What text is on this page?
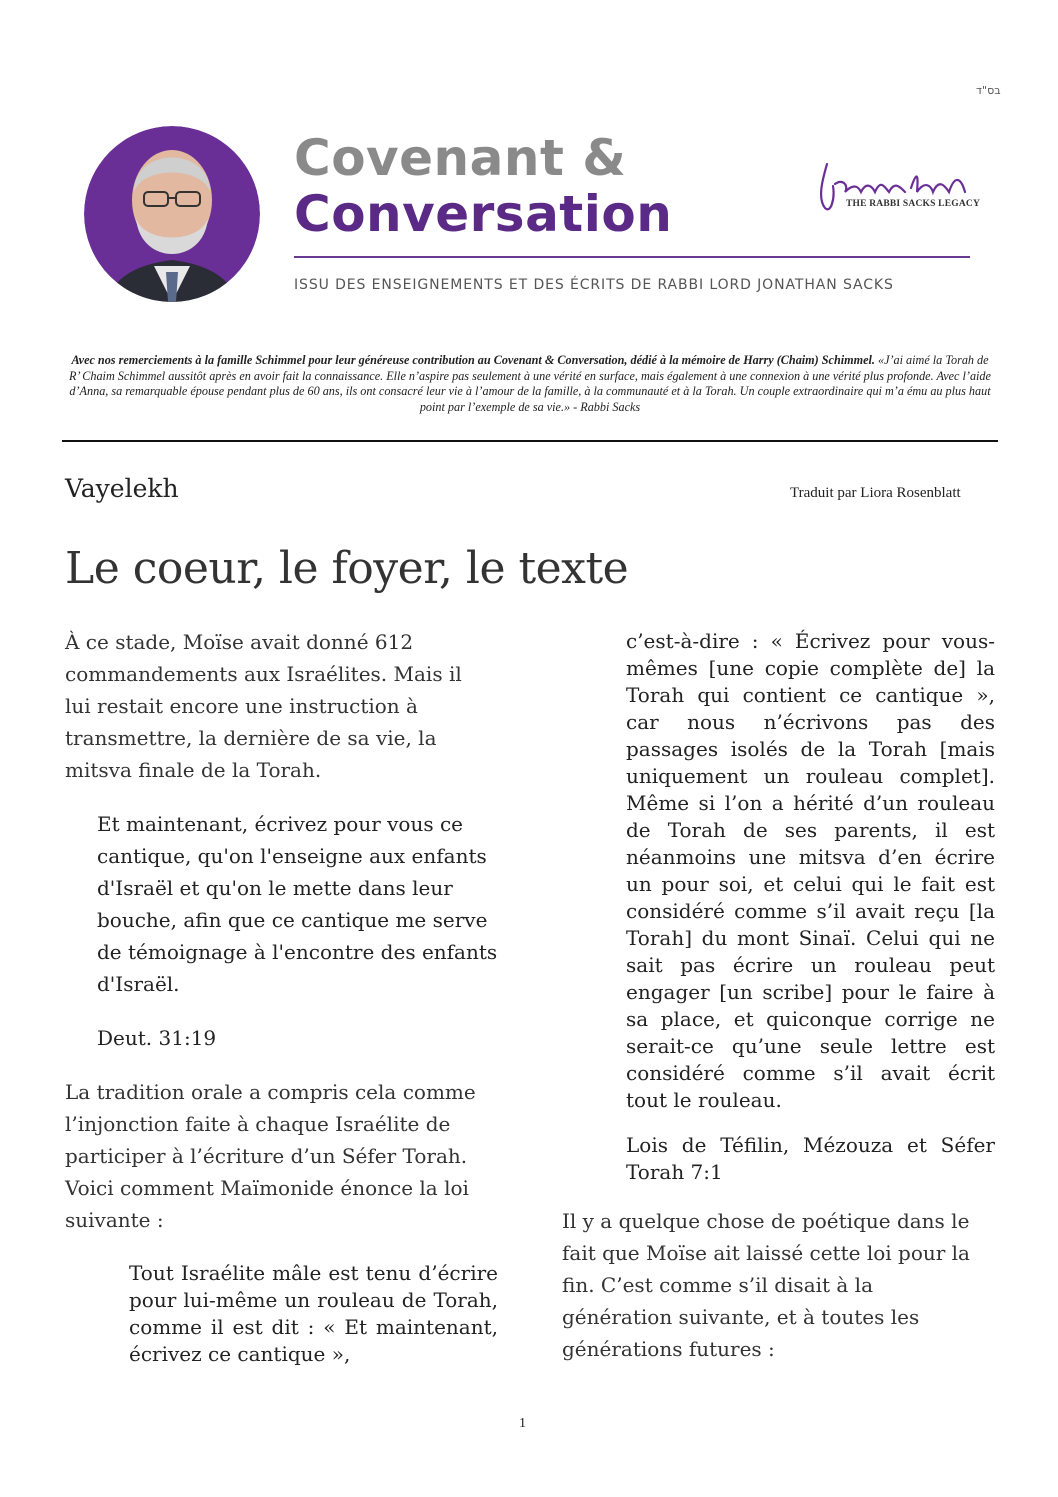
בס"ד
Covenant &
Conversation
ISSU DES ENSEIGNEMENTS ET DES ÉCRITS DE RABBI LORD JONATHAN SACKS
THE RABBI SACKS LEGACY
Avec nos remerciements à la famille Schimmel pour leur généreuse contribution au Covenant & Conversation, dédié à la mémoire de Harry (Chaim) Schimmel. «J’ai aimé la Torah de R’ Chaim Schimmel aussitôt après en avoir fait la connaissance. Elle n’aspire pas seulement à une vérité en surface, mais également à une connexion à une vérité plus profonde. Avec l’aide d’Anna, sa remarquable épouse pendant plus de 60 ans, ils ont consacré leur vie à l’amour de la famille, à la communauté et à la Torah. Un couple extraordinaire qui m’a ému au plus haut point par l’exemple de sa vie.» - Rabbi Sacks
Vayelekh	Traduit par Liora Rosenblatt
Le coeur, le foyer, le texte
À ce stade, Moïse avait donné 612 commandements aux Israélites. Mais il lui restait encore une instruction à transmettre, la dernière de sa vie, la mitsva finale de la Torah.
Et maintenant, écrivez pour vous ce cantique, qu'on l'enseigne aux enfants d'Israël et qu'on le mette dans leur bouche, afin que ce cantique me serve de témoignage à l'encontre des enfants d'Israël.
Deut. 31:19
La tradition orale a compris cela comme l’injonction faite à chaque Israélite de participer à l’écriture d’un Séfer Torah. Voici comment Maïmonide énonce la loi suivante :
Tout Israélite mâle est tenu d’écrire pour lui-même un rouleau de Torah, comme il est dit : « Et maintenant, écrivez ce cantique »,
c’est-à-dire : « Écrivez pour vous-mêmes [une copie complète de] la Torah qui contient ce cantique », car nous n’écrivons pas des passages isolés de la Torah [mais uniquement un rouleau complet]. Même si l’on a hérité d’un rouleau de Torah de ses parents, il est néanmoins une mitsva d’en écrire un pour soi, et celui qui le fait est considéré comme s’il avait reçu [la Torah] du mont Sinaï. Celui qui ne sait pas écrire un rouleau peut engager [un scribe] pour le faire à sa place, et quiconque corrige ne serait-ce qu’une seule lettre est considéré comme s’il avait écrit tout le rouleau.
Lois de Téfilin, Mézouza et Séfer Torah 7:1
Il y a quelque chose de poétique dans le fait que Moïse ait laissé cette loi pour la fin. C’est comme s’il disait à la génération suivante, et à toutes les générations futures :
1
